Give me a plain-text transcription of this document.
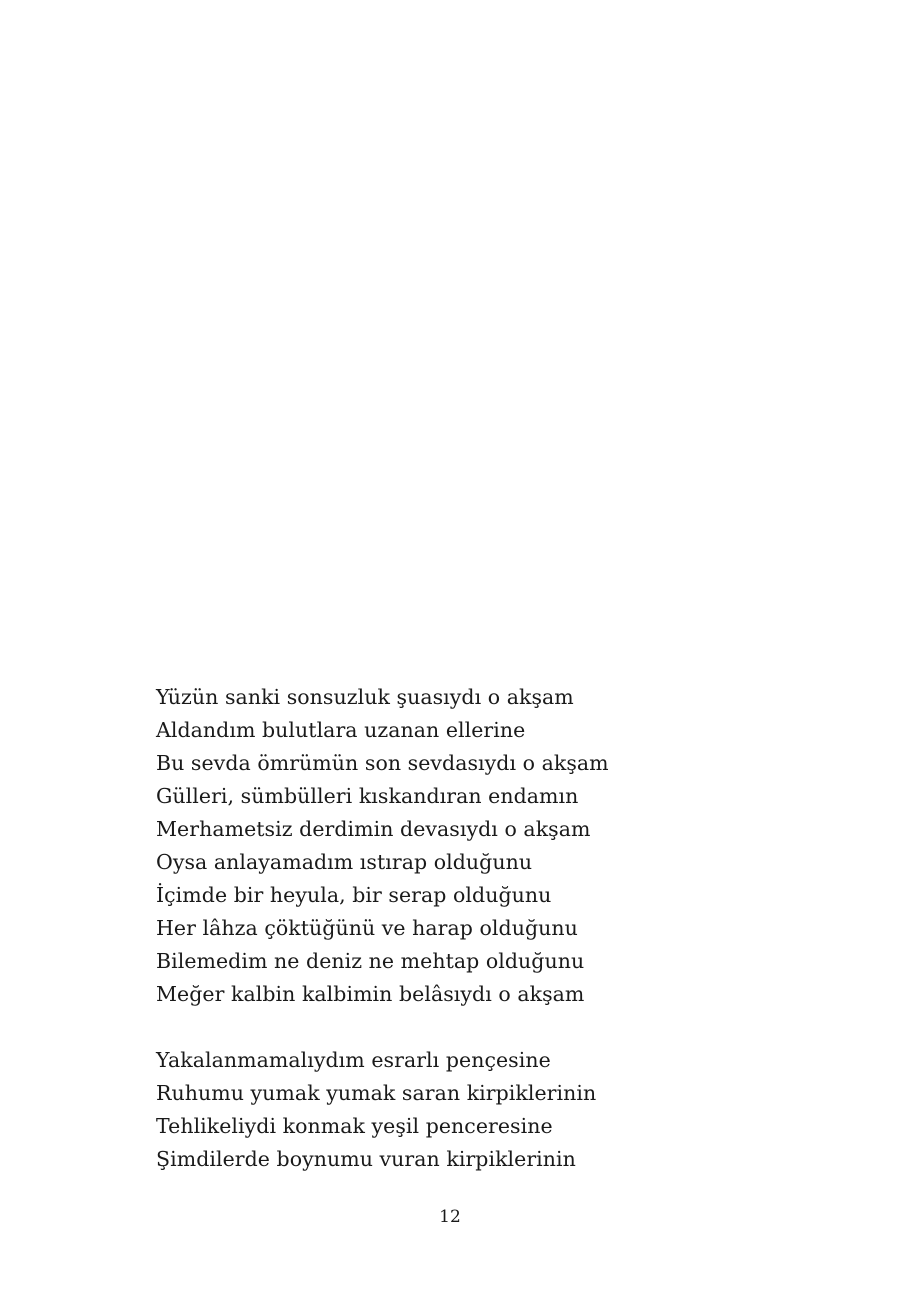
Yüzün sanki sonsuzluk şuasıydı o akşam
Aldandım bulutlara uzanan ellerine
Bu sevda ömrümün son sevdasıydı o akşam
Gülleri, sümbülleri kıskandıran endamın
Merhametsiz derdimin devasıydı o akşam
Oysa anlayamadım ıstırap olduğunu
İçimde bir heyula, bir serap olduğunu
Her lâhza çöktüğünü ve harap olduğunu
Bilemedim ne deniz ne mehtap olduğunu
Meğer kalbin kalbimin belâsıydı o akşam
Yakalanmamalıydım esrarlı pençesine
Ruhumu yumak yumak saran kirpiklerinin
Tehlikeliydi konmak yeşil penceresine
Şimdilerde boynumu vuran kirpiklerinin
12
